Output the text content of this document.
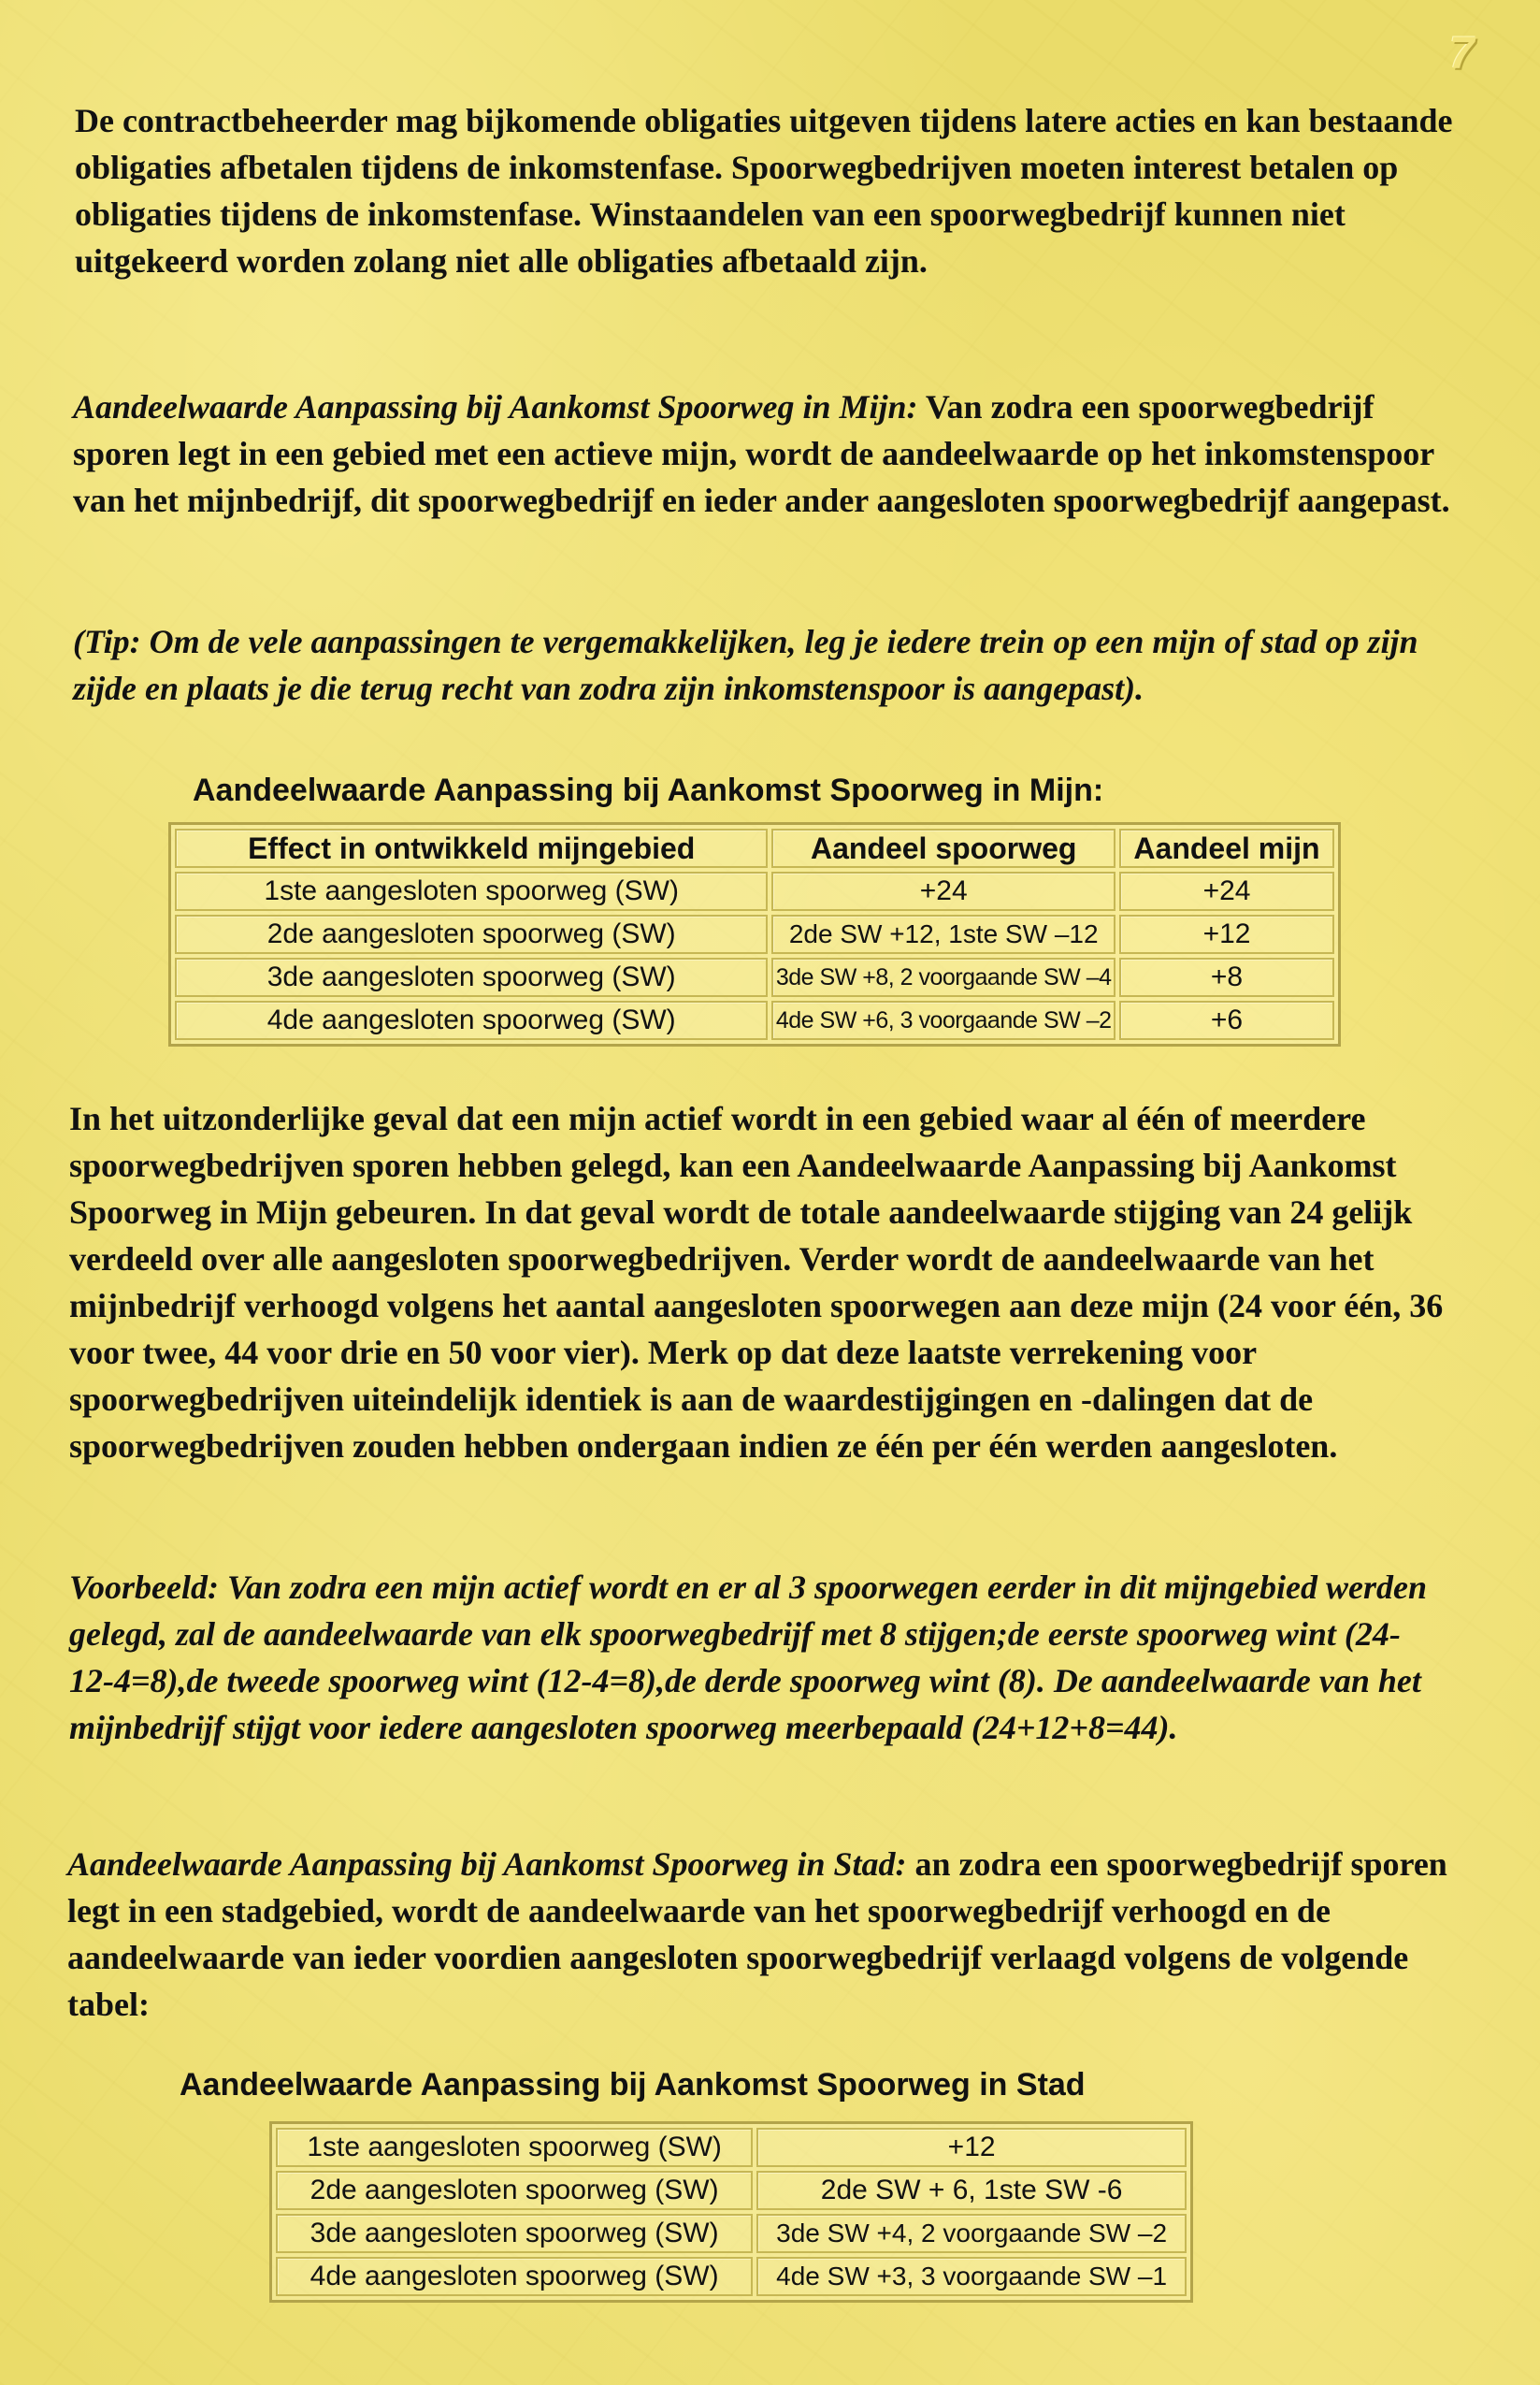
7

De contractbeheerder mag bijkomende obligaties uitgeven tijdens latere acties en kan bestaande obligaties afbetalen tijdens de inkomstenfase. Spoorwegbedrijven moeten interest betalen op obligaties tijdens de inkomstenfase. Winstaandelen van een spoorwegbedrijf kunnen niet uitgekeerd worden zolang niet alle obligaties afbetaald zijn.

Aandeelwaarde Aanpassing bij Aankomst Spoorweg in Mijn: Van zodra een spoorwegbedrijf sporen legt in een gebied met een actieve mijn, wordt de aandeelwaarde op het inkomstenspoor van het mijnbedrijf, dit spoorwegbedrijf en ieder ander aangesloten spoorwegbedrijf aangepast.

(Tip: Om de vele aanpassingen te vergemakkelijken, leg je iedere trein op een mijn of stad op zijn zijde en plaats je die terug recht van zodra zijn inkomstenspoor is aangepast).

Aandeelwaarde Aanpassing bij Aankomst Spoorweg in Mijn:
Effect in ontwikkeld mijngebied	Aandeel spoorweg	Aandeel mijn
1ste aangesloten spoorweg (SW)	+24	+24
2de aangesloten spoorweg (SW)	2de SW +12, 1ste SW –12	+12
3de aangesloten spoorweg (SW)	3de SW +8, 2 voorgaande SW –4	+8
4de aangesloten spoorweg (SW)	4de SW +6, 3 voorgaande SW –2	+6

In het uitzonderlijke geval dat een mijn actief wordt in een gebied waar al één of meerdere spoorwegbedrijven sporen hebben gelegd, kan een Aandeelwaarde Aanpassing bij Aankomst Spoorweg in Mijn gebeuren. In dat geval wordt de totale aandeelwaarde stijging van 24 gelijk verdeeld over alle aangesloten spoorwegbedrijven. Verder wordt de aandeelwaarde van het mijnbedrijf verhoogd volgens het aantal aangesloten spoorwegen aan deze mijn (24 voor één, 36 voor twee, 44 voor drie en 50 voor vier). Merk op dat deze laatste verrekening voor spoorwegbedrijven uiteindelijk identiek is aan de waardestijgingen en -dalingen dat de spoorwegbedrijven zouden hebben ondergaan indien ze één per één werden aangesloten.

Voorbeeld: Van zodra een mijn actief wordt en er al 3 spoorwegen eerder in dit mijngebied werden gelegd, zal de aandeelwaarde van elk spoorwegbedrijf met 8 stijgen;de eerste spoorweg wint (24-12-4=8),de tweede spoorweg wint (12-4=8),de derde spoorweg wint (8). De aandeelwaarde van het mijnbedrijf stijgt voor iedere aangesloten spoorweg meerbepaald (24+12+8=44).

Aandeelwaarde Aanpassing bij Aankomst Spoorweg in Stad: an zodra een spoorwegbedrijf sporen legt in een stadgebied, wordt de aandeelwaarde van het spoorwegbedrijf verhoogd en de aandeelwaarde van ieder voordien aangesloten spoorwegbedrijf verlaagd volgens de volgende tabel:

Aandeelwaarde Aanpassing bij Aankomst Spoorweg in Stad
1ste aangesloten spoorweg (SW)	+12
2de aangesloten spoorweg (SW)	2de SW + 6, 1ste SW -6
3de aangesloten spoorweg (SW)	3de SW +4, 2 voorgaande SW –2
4de aangesloten spoorweg (SW)	4de SW +3, 3 voorgaande SW –1
